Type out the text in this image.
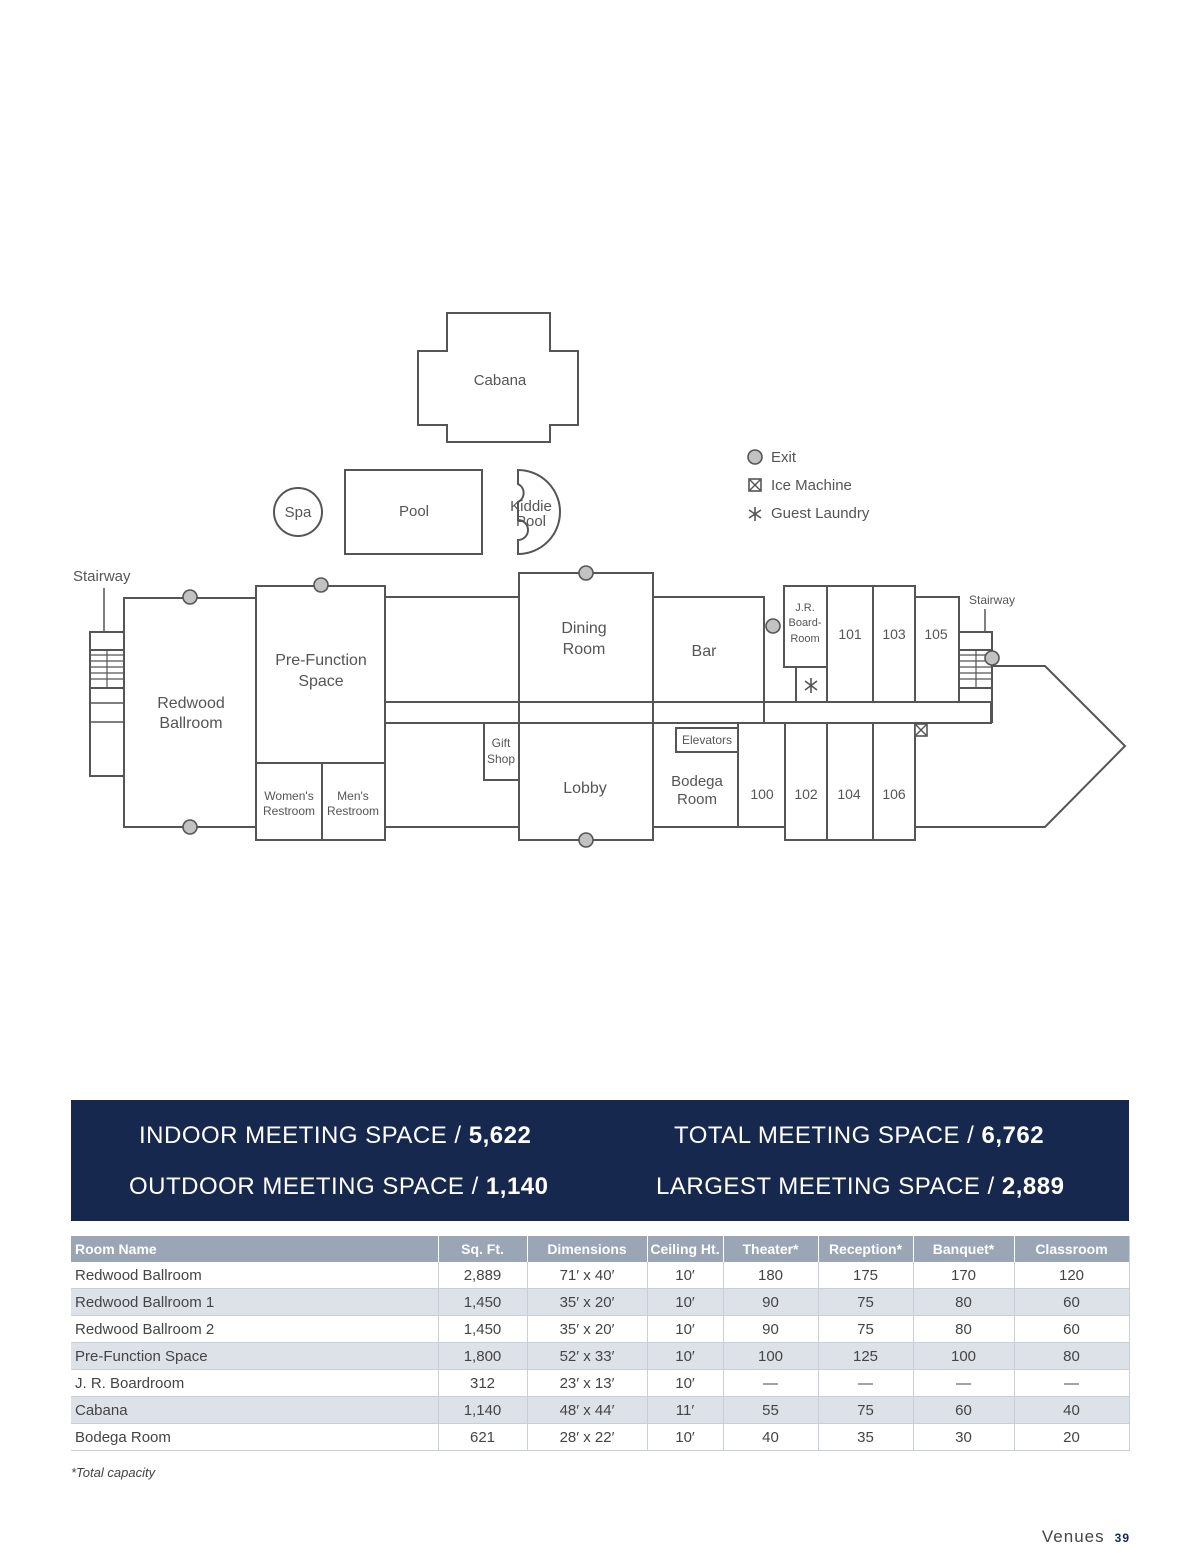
Cabana
Spa	Pool	Kiddie
Pool
Exit
Ice Machine
Guest Laundry
Stairway
Stairway
Redwood
Ballroom
Pre-Function
Space
Women's
Restroom
Men's
Restroom
Dining
Room
Lobby
Gift
Shop
Bar
Elevators
Bodega
Room 100 102 104 106
J.R.
Board-
Room 101 103 105
INDOOR MEETING SPACE / 5,622	TOTAL MEETING SPACE / 6,762
OUTDOOR MEETING SPACE / 1,140	LARGEST MEETING SPACE / 2,889
Room Name	Sq. Ft.	Dimensions	Ceiling Ht.	Theater*	Reception*	Banquet*	Classroom
Redwood Ballroom	2,889	71′ x 40′	10′	180	175	170	120
Redwood Ballroom 1	1,450	35′ x 20′	10′	90	75	80	60
Redwood Ballroom 2	1,450	35′ x 20′	10′	90	75	80	60
Pre-Function Space	1,800	52′ x 33′	10′	100	125	100	80
J. R. Boardroom	312	23′ x 13′	10′	—	—	—	—
Cabana	1,140	48′ x 44′	11′	55	75	60	40
Bodega Room	621	28′ x 22′	10′	40	35	30	20
*Total capacity
Venues 39
